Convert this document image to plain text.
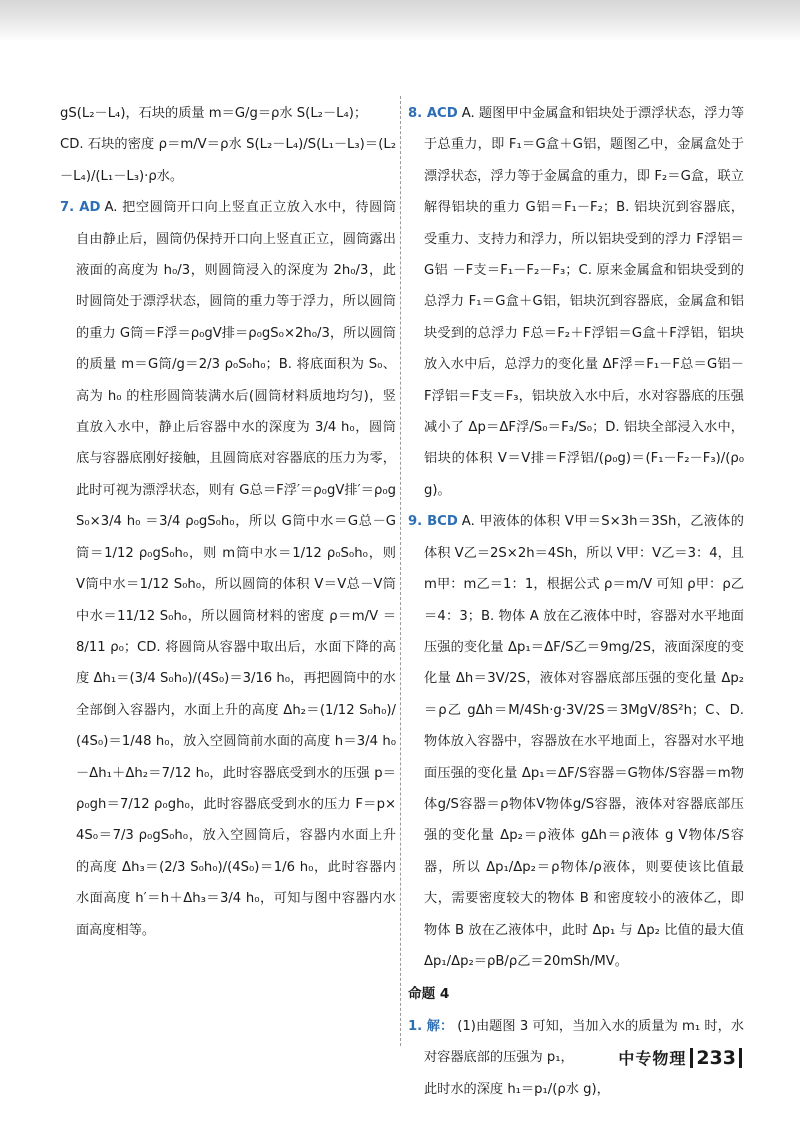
gS(L₂－L₄)，石块的质量 m＝G/g＝ρ水 S(L₂－L₄)；

CD. 石块的密度 ρ＝m/V＝ρ水 S(L₂－L₄)/S(L₁－L₃)＝(L₂－L₄)/(L₁－L₃)·ρ水。

7. AD A. 把空圆筒开口向上竖直正立放入水中，待圆筒自由静止后，圆筒仍保持开口向上竖直正立，圆筒露出液面的高度为 h₀/3，则圆筒浸入的深度为 2h₀/3，此时圆筒处于漂浮状态，圆筒的重力等于浮力，所以圆筒的重力 G筒＝F浮＝ρ₀gV排＝ρ₀gS₀×2h₀/3，所以圆筒的质量 m＝G筒/g＝2/3 ρ₀S₀h₀；B. 将底面积为 S₀、高为 h₀ 的柱形圆筒装满水后(圆筒材料质地均匀)，竖直放入水中，静止后容器中水的深度为 3/4 h₀，圆筒底与容器底刚好接触，且圆筒底对容器底的压力为零，此时可视为漂浮状态，则有 G总＝F浮′＝ρ₀gV排′＝ρ₀gS₀×3/4 h₀ ＝3/4 ρ₀gS₀h₀，所以 G筒中水＝G总－G筒＝1/12 ρ₀gS₀h₀，则 m筒中水＝1/12 ρ₀S₀h₀，则 V筒中水＝1/12 S₀h₀，所以圆筒的体积 V＝V总－V筒中水＝11/12 S₀h₀，所以圆筒材料的密度 ρ＝m/V ＝8/11 ρ₀；CD. 将圆筒从容器中取出后，水面下降的高度 Δh₁＝(3/4 S₀h₀)/(4S₀)＝3/16 h₀，再把圆筒中的水全部倒入容器内，水面上升的高度 Δh₂＝(1/12 S₀h₀)/(4S₀)＝1/48 h₀，放入空圆筒前水面的高度 h＝3/4 h₀－Δh₁＋Δh₂＝7/12 h₀，此时容器底受到水的压强 p＝ρ₀gh＝7/12 ρ₀gh₀，此时容器底受到水的压力 F＝p×4S₀＝7/3 ρ₀gS₀h₀，放入空圆筒后，容器内水面上升的高度 Δh₃＝(2/3 S₀h₀)/(4S₀)＝1/6 h₀，此时容器内水面高度 h′＝h＋Δh₃＝3/4 h₀，可知与图中容器内水面高度相等。

8. ACD A. 题图甲中金属盒和铝块处于漂浮状态，浮力等于总重力，即 F₁＝G盒＋G铝，题图乙中，金属盒处于漂浮状态，浮力等于金属盒的重力，即 F₂＝G盒，联立解得铝块的重力 G铝＝F₁－F₂；B. 铝块沉到容器底，受重力、支持力和浮力，所以铝块受到的浮力 F浮铝＝G铝 －F支＝F₁－F₂－F₃；C. 原来金属盒和铝块受到的总浮力 F₁＝G盒＋G铝，铝块沉到容器底，金属盒和铝块受到的总浮力 F总＝F₂＋F浮铝＝G盒＋F浮铝，铝块放入水中后，总浮力的变化量 ΔF浮＝F₁－F总＝G铝－F浮铝＝F支＝F₃，铝块放入水中后，水对容器底的压强减小了 Δp＝ΔF浮/S₀＝F₃/S₀；D. 铝块全部浸入水中，铝块的体积 V＝V排＝F浮铝/(ρ₀g)＝(F₁－F₂－F₃)/(ρ₀g)。

9. BCD A. 甲液体的体积 V甲＝S×3h＝3Sh，乙液体的体积 V乙＝2S×2h＝4Sh，所以 V甲：V乙＝3：4，且 m甲：m乙＝1：1，根据公式 ρ＝m/V 可知 ρ甲：ρ乙＝4：3；B. 物体 A 放在乙液体中时，容器对水平地面压强的变化量 Δp₁＝ΔF/S乙＝9mg/2S，液面深度的变化量 Δh＝3V/2S，液体对容器底部压强的变化量 Δp₂＝ρ乙 gΔh＝M/4Sh·g·3V/2S＝3MgV/8S²h；C、D. 物体放入容器中，容器放在水平地面上，容器对水平地面压强的变化量 Δp₁＝ΔF/S容器＝G物体/S容器＝m物体g/S容器＝ρ物体V物体g/S容器，液体对容器底部压强的变化量 Δp₂＝ρ液体 gΔh＝ρ液体 g V物体/S容器，所以 Δp₁/Δp₂＝ρ物体/ρ液体，则要使该比值最大，需要密度较大的物体 B 和密度较小的液体乙，即物体 B 放在乙液体中，此时 Δp₁ 与 Δp₂ 比值的最大值 Δp₁/Δp₂＝ρB/ρ乙＝20mSh/MV。

命题 4

1. 解： (1)由题图 3 可知，当加入水的质量为 m₁ 时，水对容器底部的压强为 p₁，

此时水的深度 h₁＝p₁/(ρ水 g)，

中专物理 233
